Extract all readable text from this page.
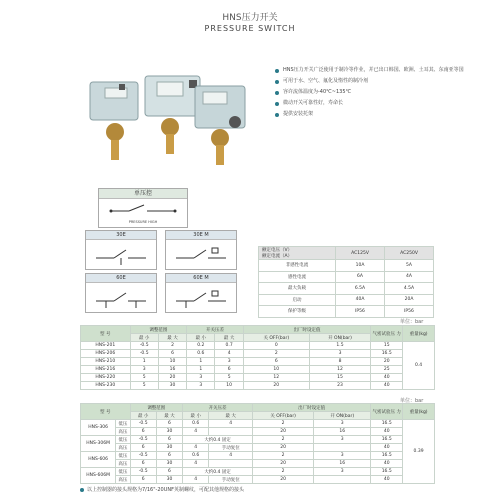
HNS压力开关
PRESSURE SWITCH
HNS压力开关广泛使用于制冷等作业，并已出口韩国、欧洲、土耳其、东南亚等国
可用于水、空气、氟化及惰性的制冷剂
容许流体温度为-40℃~135℃
微动开关可靠性好，寿命长
提供安装托架
单压控
PRESSURE HIGH
30E	30E M
60E	60E M
额定电压（V）
额定电流（A）	AC125V	AC250V
非感性电流	10A	5A
感性电流	6A	4A
最大负载	6.5A	4.5A
启动	40A	20A
保护等级	IP56	IP56
单位：bar
型 号	调整范围		开关压差		出厂时设定值		气密试验压 力	重量(kg)
	最 小	最 大	最 小	最 大	关 OFF(bar)	开 ON(bar)		
HNS-201	-0.5	2	0.2	0.7	0	1.5	15	0.4
HNS-206	-0.5	6	0.6	4	2	3	16.5	
HNS-210	1	10	1	3	6	8	20	
HNS-216	3	16	1	6	10	12	25	
HNS-220	5	20	3	5	12	15	40	
HNS-230	5	30	3	10	20	23	40	
单位：bar
型 号		调整范围		开关压差		出厂时设定值		气密试验压 力	重量(kg)
		最 小	最 大	最 小	最 大	关 OFF(bar)	开 ON(bar)		
HNS-306	低压	-0.5	6	0.6	4	2	3	16.5	0.39
	高压	6	30	4		20	16	40	
HNS-306M	低压	-0.5	6	大约0.4 固定		2	3	16.5	
	高压	6	30	4	手动复位	20		40	
HNS-606	低压	-0.5	6	0.6	4	2	3	16.5	
	高压	6	30	4		20	16	40	
HNS-606M	低压	-0.5	6	大约0.4 固定		2	3	16.5	
	高压	6	30	4	手动复位	20		40	
以上控制器的接头规格为7/16"-20UNF英制螺纹，可配其他规格的接头
